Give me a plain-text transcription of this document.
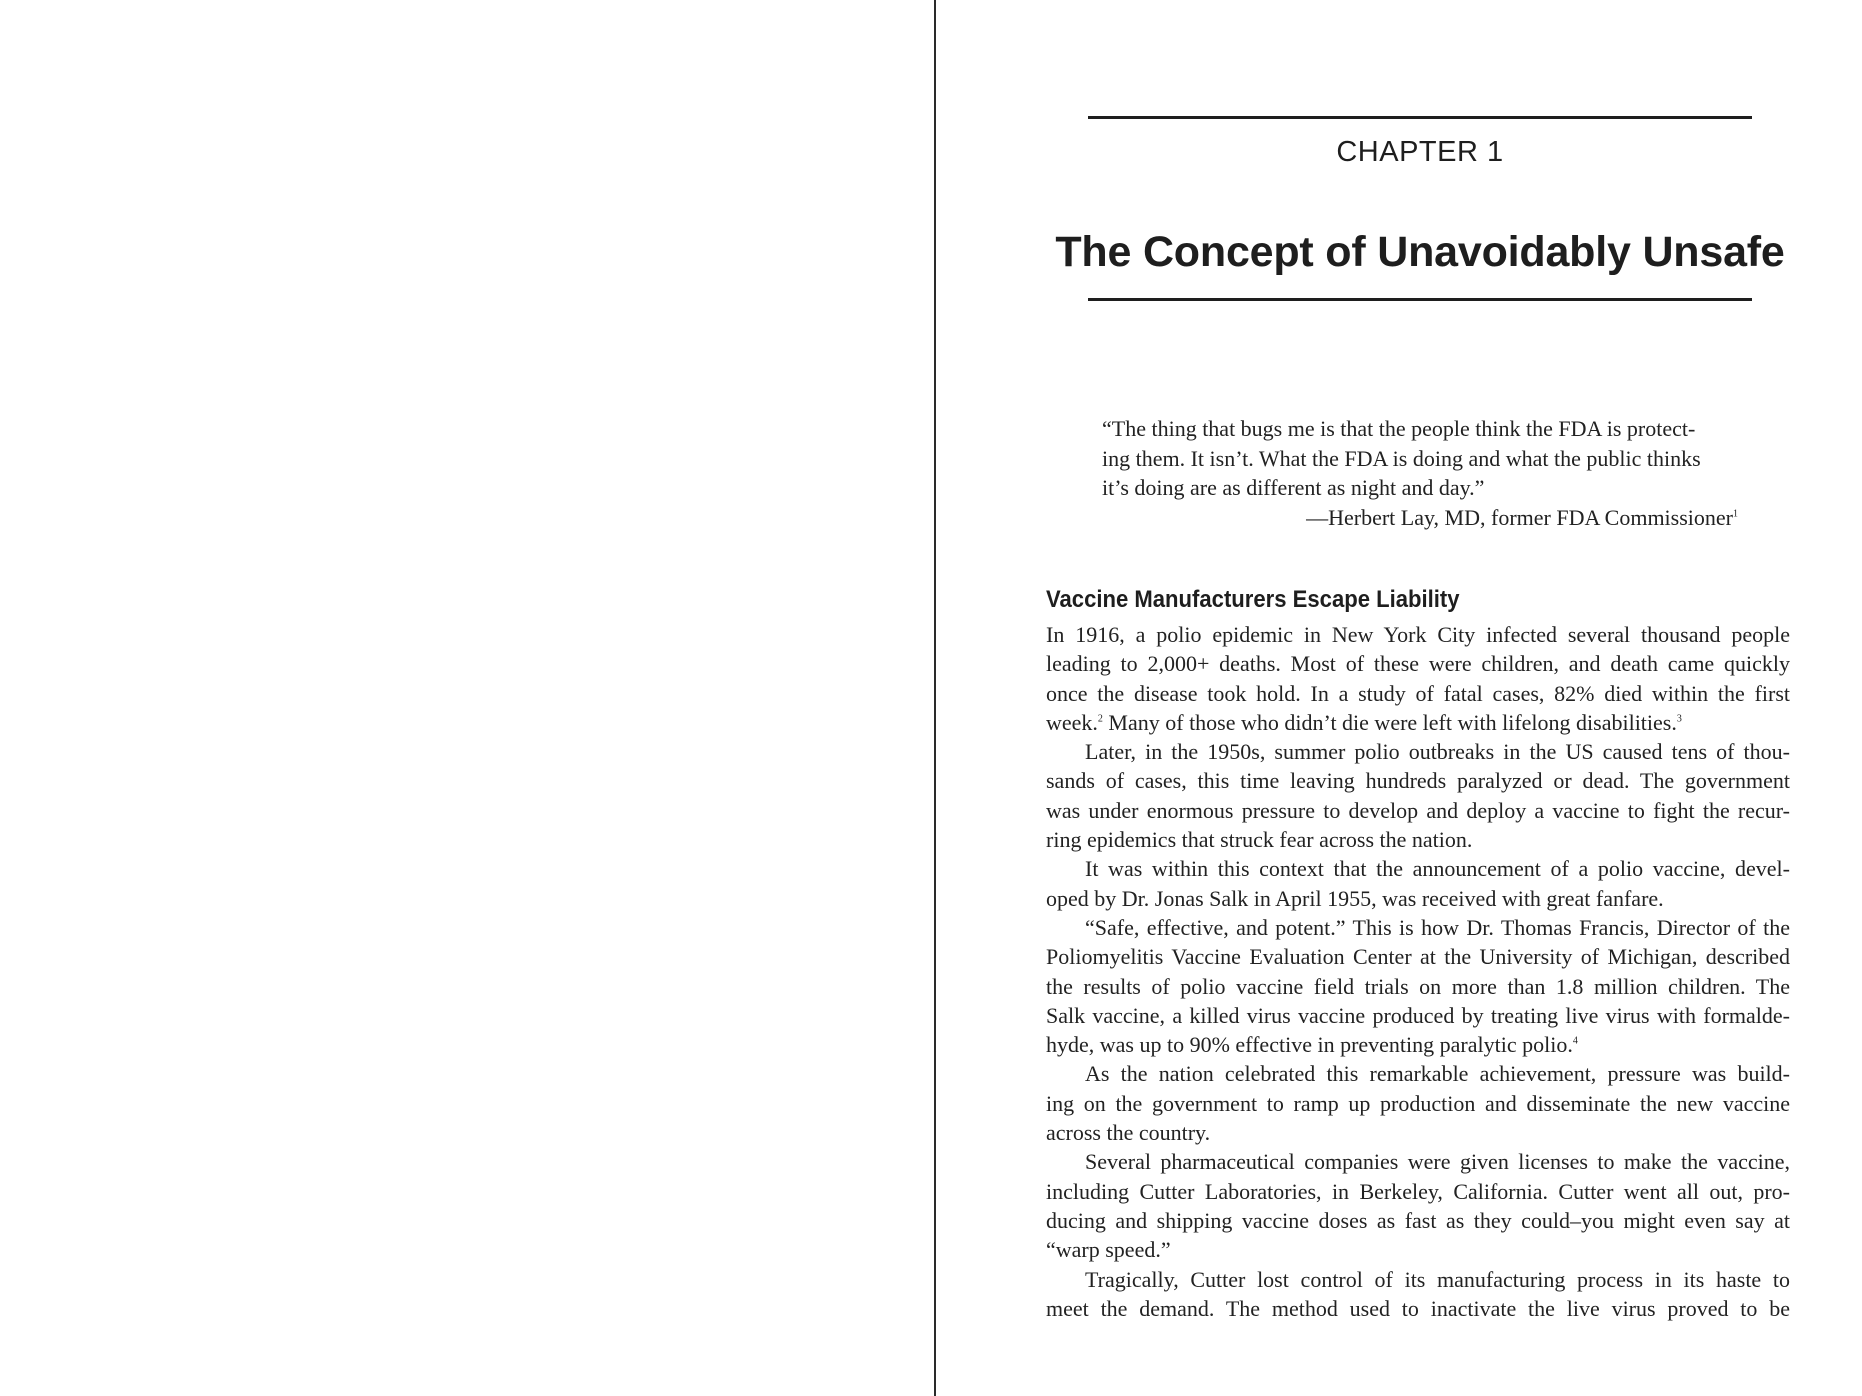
CHAPTER 1
The Concept of Unavoidably Unsafe
“The thing that bugs me is that the people think the FDA is protect-
ing them. It isn’t. What the FDA is doing and what the public thinks
it’s doing are as different as night and day.”
—Herbert Lay, MD, former FDA Commissioner$^1$
Vaccine Manufacturers Escape Liability
In 1916, a polio epidemic in New York City infected several thousand people
leading to 2,000+ deaths. Most of these were children, and death came quickly
once the disease took hold. In a study of fatal cases, 82% died within the first
week.$^2$ Many of those who didn’t die were left with lifelong disabilities.$^3$
Later, in the 1950s, summer polio outbreaks in the US caused tens of thou-
sands of cases, this time leaving hundreds paralyzed or dead. The government
was under enormous pressure to develop and deploy a vaccine to fight the recur-
ring epidemics that struck fear across the nation.
It was within this context that the announcement of a polio vaccine, devel-
oped by Dr. Jonas Salk in April 1955, was received with great fanfare.
“Safe, effective, and potent.” This is how Dr. Thomas Francis, Director of the
Poliomyelitis Vaccine Evaluation Center at the University of Michigan, described
the results of polio vaccine field trials on more than 1.8 million children. The
Salk vaccine, a killed virus vaccine produced by treating live virus with formalde-
hyde, was up to 90% effective in preventing paralytic polio.$^4$
As the nation celebrated this remarkable achievement, pressure was build-
ing on the government to ramp up production and disseminate the new vaccine
across the country.
Several pharmaceutical companies were given licenses to make the vaccine,
including Cutter Laboratories, in Berkeley, California. Cutter went all out, pro-
ducing and shipping vaccine doses as fast as they could–you might even say at
“warp speed.”
Tragically, Cutter lost control of its manufacturing process in its haste to
meet the demand. The method used to inactivate the live virus proved to be
